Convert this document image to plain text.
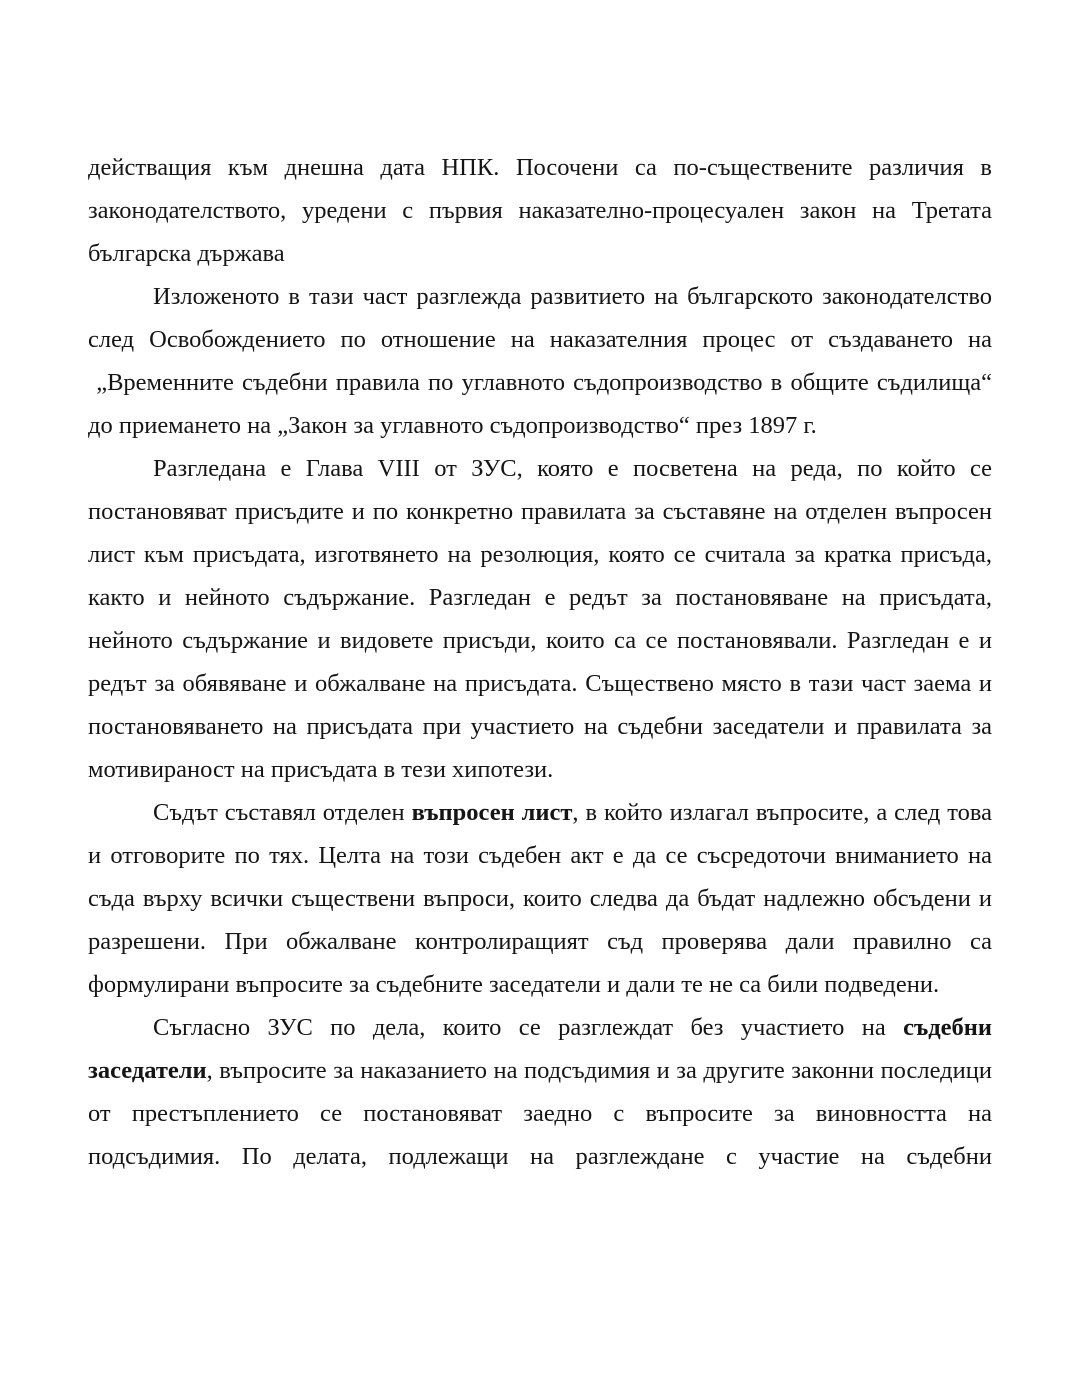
действащия към днешна дата НПК. Посочени са по-съществените различия в законодателството, уредени с първия наказателно-процесуален закон на Третата българска държава

Изложеното в тази част разглежда развитието на българското законодателство след Освобождението по отношение на наказателния процес от създаването на  „Временните съдебни правила по углавното съдопроизводство в общите съдилища“ до приемането на „Закон за углавното съдопроизводство“ през 1897 г.

Разгледана е Глава VIII от ЗУС, която е посветена на реда, по който се постановяват присъдите и по конкретно правилата за съставяне на отделен въпросен лист към присъдата, изготвянето на резолюция, която се считала за кратка присъда, както и нейното съдържание. Разгледан е редът за постановяване на присъдата, нейното съдържание и видовете присъди, които са се постановявали. Разгледан е и редът за обявяване и обжалване на присъдата. Съществено място в тази част заема и постановяването на присъдата при участието на съдебни заседатели и правилата за мотивираност на присъдата в тези хипотези.

Съдът съставял отделен въпросен лист, в който излагал въпросите, а след това и отговорите по тях. Целта на този съдебен акт е да се съсредоточи вниманието на съда върху всички съществени въпроси, които следва да бъдат надлежно обсъдени и разрешени. При обжалване контролиращият съд проверява дали правилно са формулирани въпросите за съдебните заседатели и дали те не са били подведени.

Съгласно ЗУС по дела, които се разглеждат без участието на съдебни заседатели, въпросите за наказанието на подсъдимия и за другите законни последици от престъплението се постановяват заедно с въпросите за виновността на подсъдимия. По делата, подлежащи на разглеждане с участие на съдебни
